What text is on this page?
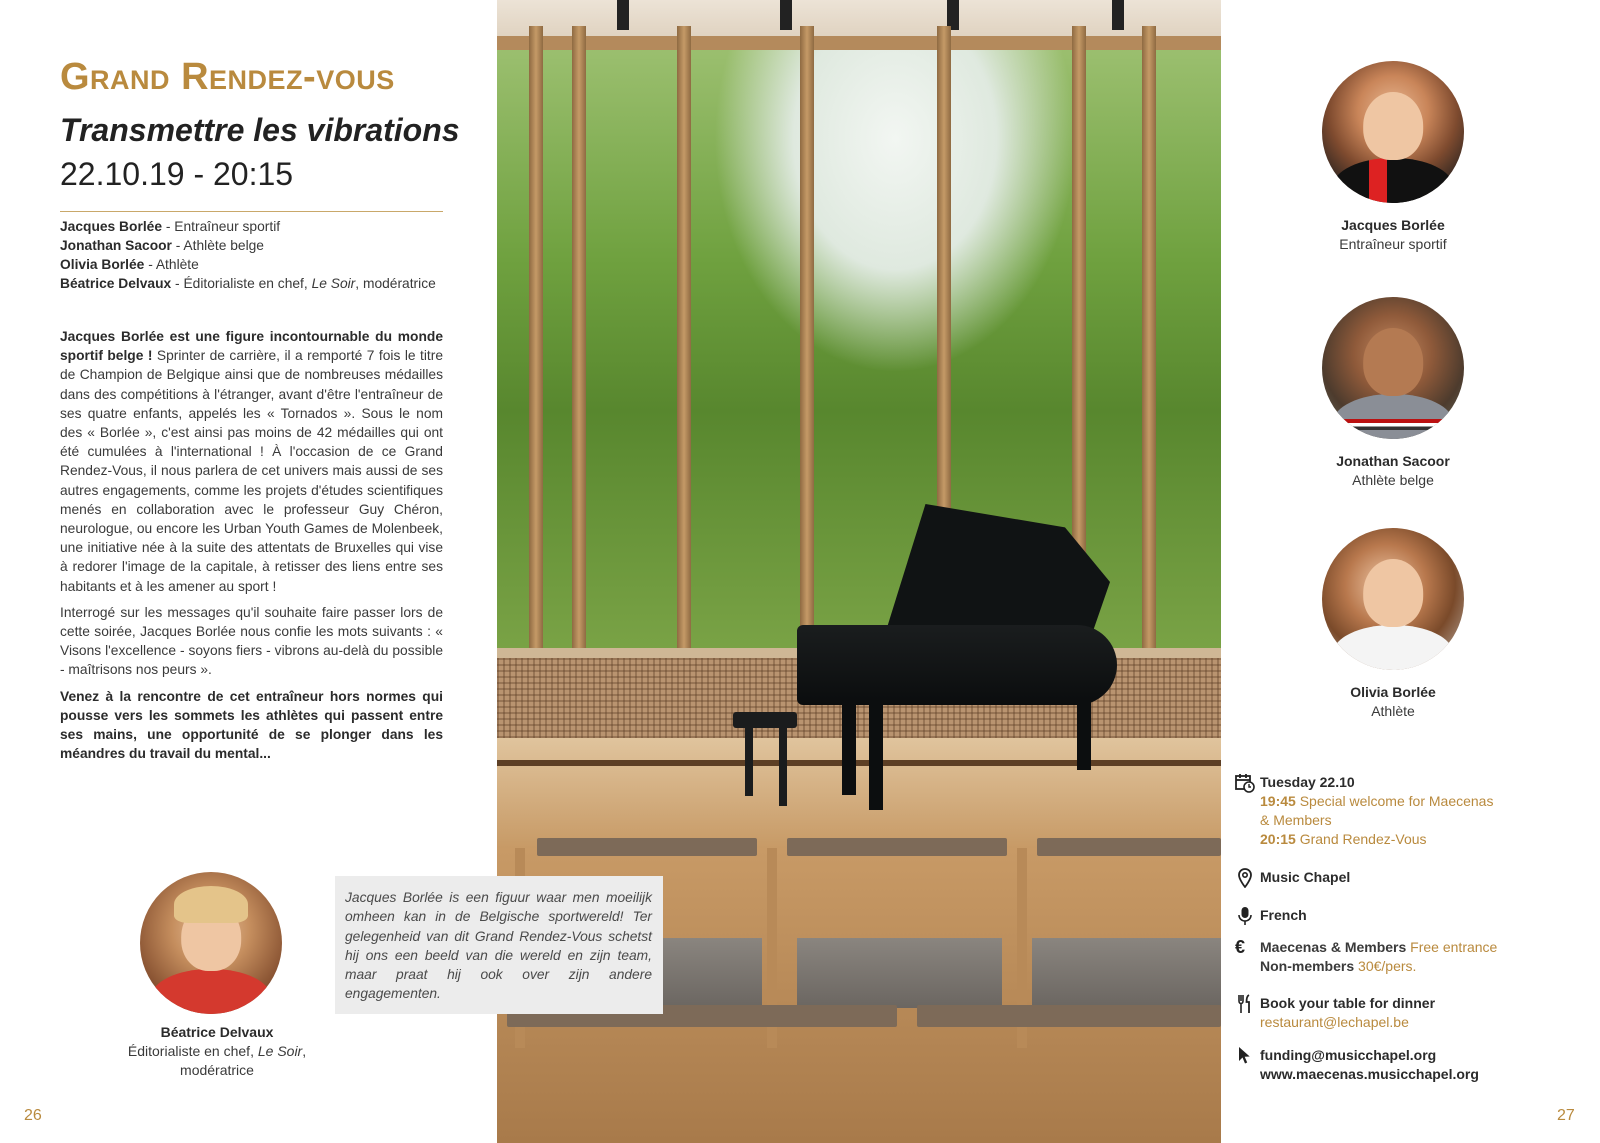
Grand Rendez-vous
Transmettre les vibrations
22.10.19 - 20:15
Jacques Borlée - Entraîneur sportif
Jonathan Sacoor - Athlète belge
Olivia Borlée - Athlète
Béatrice Delvaux - Éditorialiste en chef, Le Soir, modératrice

Jacques Borlée est une figure incontournable du monde sportif belge ! Sprinter de carrière, il a remporté 7 fois le titre de Champion de Belgique ainsi que de nombreuses médailles dans des compétitions à l'étranger, avant d'être l'entraîneur de ses quatre enfants, appelés les « Tornados ». Sous le nom des « Borlée », c'est ainsi pas moins de 42 médailles qui ont été cumulées à l'international ! À l'occasion de ce Grand Rendez-Vous, il nous parlera de cet univers mais aussi de ses autres engagements, comme les projets d'études scientifiques menés en collaboration avec le professeur Guy Chéron, neurologue, ou encore les Urban Youth Games de Molenbeek, une initiative née à la suite des attentats de Bruxelles qui vise à redorer l'image de la capitale, à retisser des liens entre ses habitants et à les amener au sport !

Interrogé sur les messages qu'il souhaite faire passer lors de cette soirée, Jacques Borlée nous confie les mots suivants : « Visons l'excellence - soyons fiers - vibrons au-delà du possible - maîtrisons nos peurs ».

Venez à la rencontre de cet entraîneur hors normes qui pousse vers les sommets les athlètes qui passent entre ses mains, une opportunité de se plonger dans les méandres du travail du mental...

Béatrice Delvaux
Éditorialiste en chef, Le Soir,
modératrice
26
Jacques Borlée is een figuur waar men moeilijk omheen kan in de Belgische sportwereld! Ter gelegenheid van dit Grand Rendez-Vous schetst hij ons een beeld van die wereld en zijn team, maar praat hij ook over zijn andere engagementen.
Jacques Borlée
Entraîneur sportif
Jonathan Sacoor
Athlète belge
Olivia Borlée
Athlète
Tuesday 22.10
19:45 Special welcome for Maecenas
& Members
20:15 Grand Rendez-Vous
Music Chapel
French
€	Maecenas & Members Free entrance
Non-members 30€/pers.
Book your table for dinner
restaurant@lechapel.be
funding@musicchapel.org
www.maecenas.musicchapel.org
27
